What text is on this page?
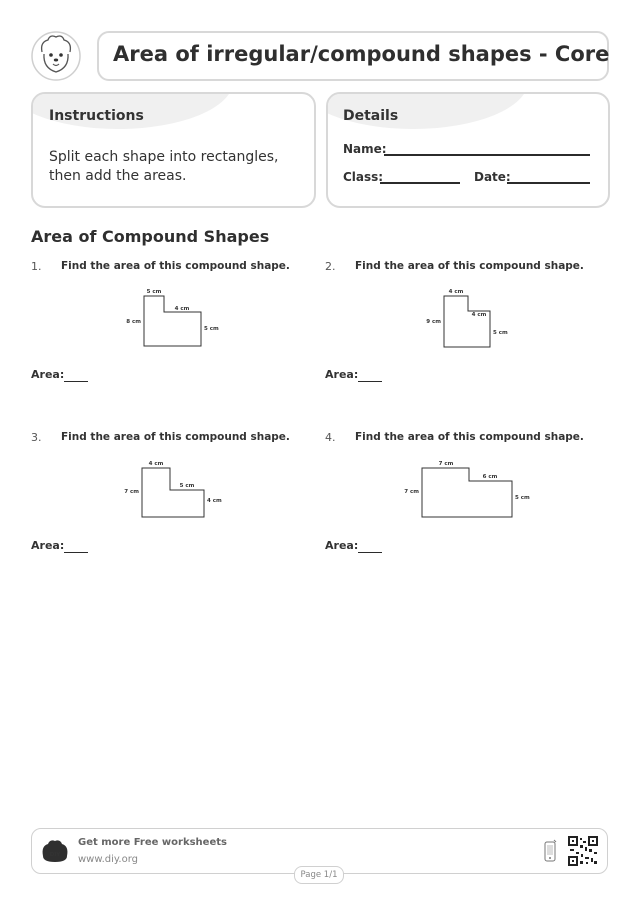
Area of irregular/compound shapes - Core
Instructions
Split each shape into rectangles,
then add the areas.
Details
Name:
Class:	Date:
Area of Compound Shapes
1. Find the area of this compound shape.
5 cm
4 cm
8 cm
5 cm
Area:
2. Find the area of this compound shape.
4 cm
4 cm
9 cm
5 cm
Area:
3. Find the area of this compound shape.
4 cm
5 cm
7 cm
4 cm
Area:
4. Find the area of this compound shape.
7 cm
6 cm
7 cm
5 cm
Area:
DIY
Get more Free worksheets
www.diy.org
Page 1/1
